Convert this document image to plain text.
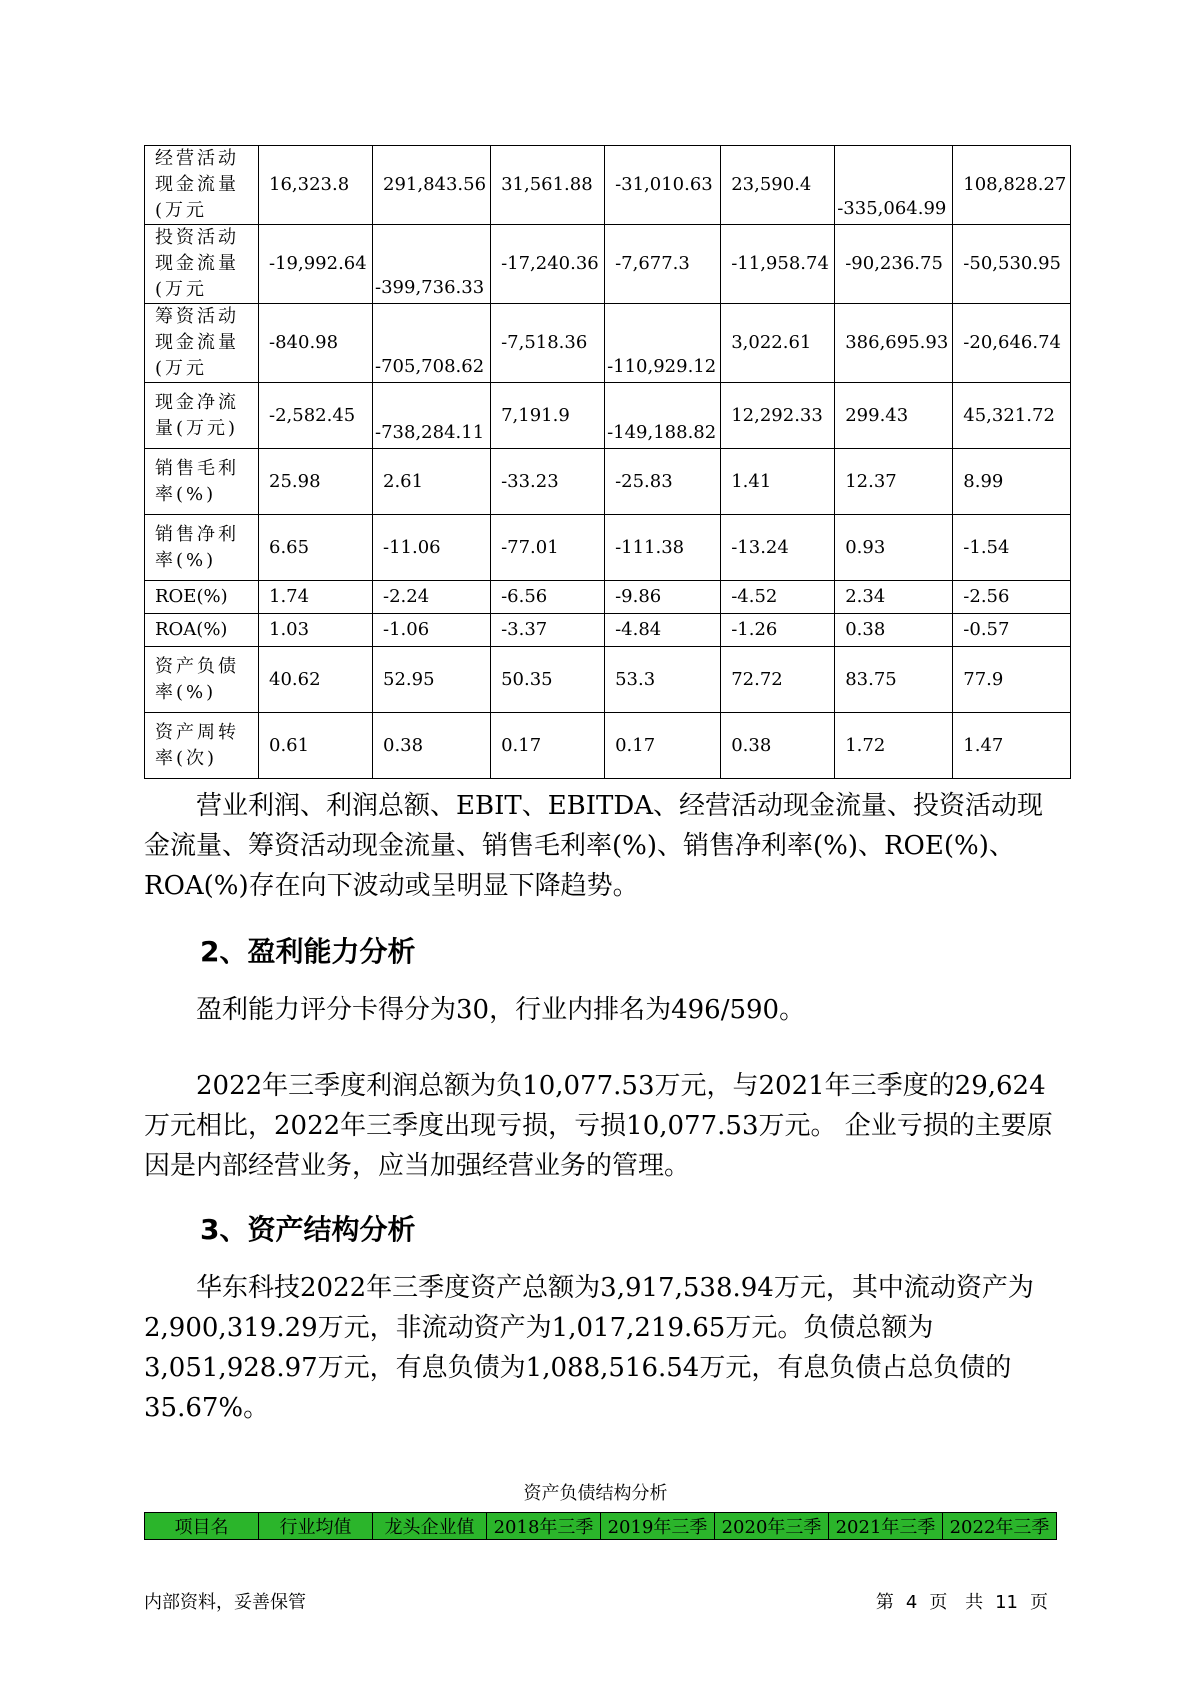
经营活动现金流量(万元	16,323.8	291,843.56	31,561.88	-31,010.63	23,590.4	-335,064.99	108,828.27
投资活动现金流量(万元	-19,992.64	-399,736.33	-17,240.36	-7,677.3	-11,958.74	-90,236.75	-50,530.95
筹资活动现金流量(万元	-840.98	-705,708.62	-7,518.36	-110,929.12	3,022.61	386,695.93	-20,646.74
现金净流量(万元)	-2,582.45	-738,284.11	7,191.9	-149,188.82	12,292.33	299.43	45,321.72
销售毛利率(%)	25.98	2.61	-33.23	-25.83	1.41	12.37	8.99
销售净利率(%)	6.65	-11.06	-77.01	-111.38	-13.24	0.93	-1.54
ROE(%)	1.74	-2.24	-6.56	-9.86	-4.52	2.34	-2.56
ROA(%)	1.03	-1.06	-3.37	-4.84	-1.26	0.38	-0.57
资产负债率(%)	40.62	52.95	50.35	53.3	72.72	83.75	77.9
资产周转率(次)	0.61	0.38	0.17	0.17	0.38	1.72	1.47

营业利润、利润总额、EBIT、EBITDA、经营活动现金流量、投资活动现金流量、筹资活动现金流量、销售毛利率(%)、销售净利率(%)、ROE(%)、ROA(%)存在向下波动或呈明显下降趋势。

2、盈利能力分析

盈利能力评分卡得分为30，行业内排名为496/590。

2022年三季度利润总额为负10,077.53万元，与2021年三季度的29,624万元相比，2022年三季度出现亏损，亏损10,077.53万元。 企业亏损的主要原因是内部经营业务，应当加强经营业务的管理。

3、资产结构分析

华东科技2022年三季度资产总额为3,917,538.94万元，其中流动资产为2,900,319.29万元，非流动资产为1,017,219.65万元。负债总额为3,051,928.97万元，有息负债为1,088,516.54万元，有息负债占总负债的35.67%。

资产负债结构分析
项目名	行业均值	龙头企业值	2018年三季	2019年三季	2020年三季	2021年三季	2022年三季
内部资料，妥善保管	第 4 页 共 11 页
